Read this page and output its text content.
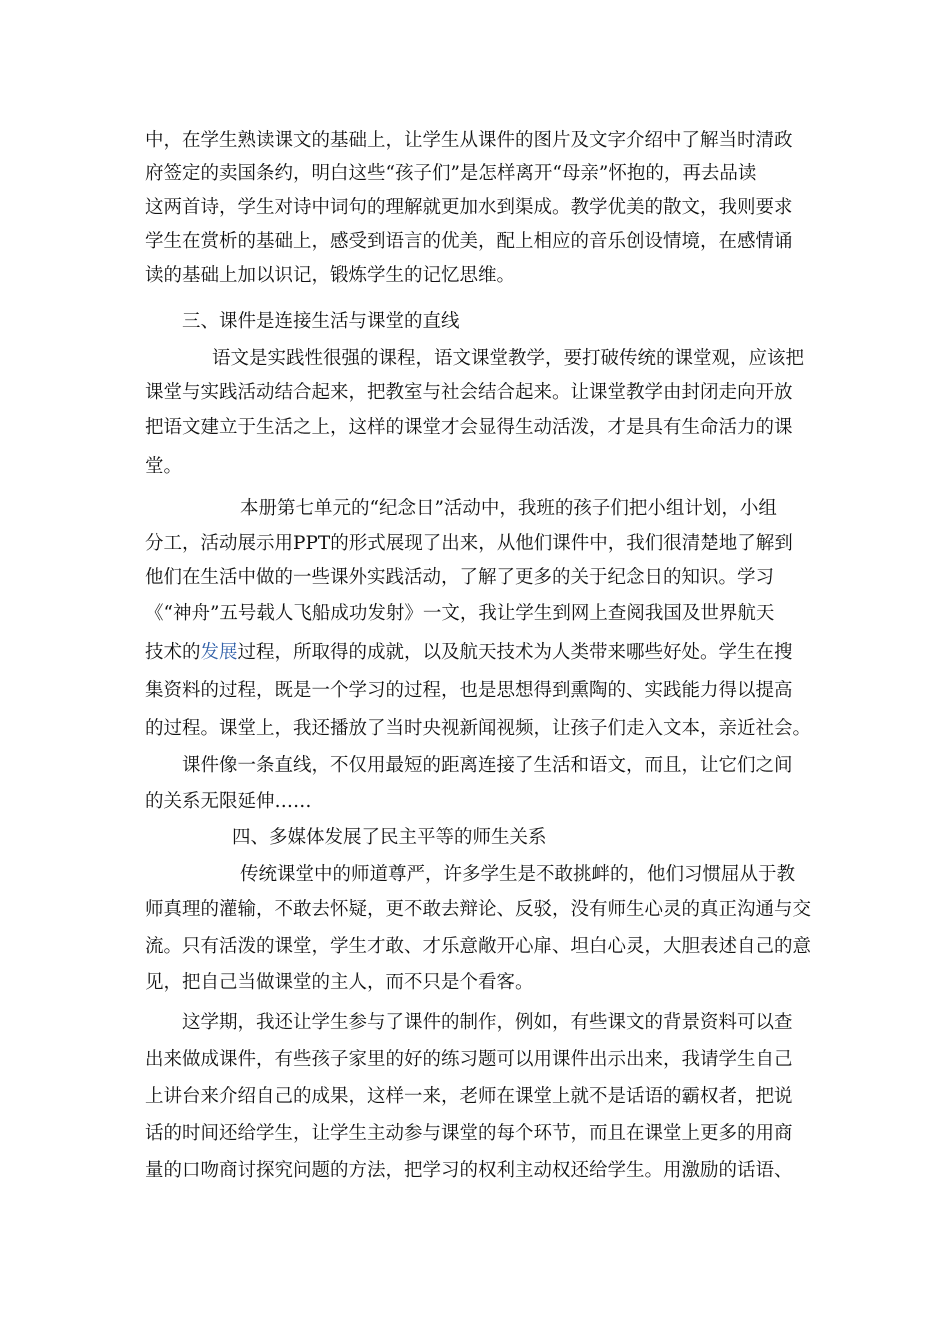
中，在学生熟读课文的基础上，让学生从课件的图片及文字介绍中了解当时清政
府签定的卖国条约，明白这些“孩子们”是怎样离开“母亲”怀抱的，再去品读
这两首诗，学生对诗中词句的理解就更加水到渠成。教学优美的散文，我则要求
学生在赏析的基础上，感受到语言的优美，配上相应的音乐创设情境，在感情诵
读的基础上加以识记，锻炼学生的记忆思维。
三、课件是连接生活与课堂的直线
语文是实践性很强的课程，语文课堂教学，要打破传统的课堂观，应该把
课堂与实践活动结合起来，把教室与社会结合起来。让课堂教学由封闭走向开放
把语文建立于生活之上，这样的课堂才会显得生动活泼，才是具有生命活力的课
堂。
本册第七单元的“纪念日”活动中，我班的孩子们把小组计划，小组
分工，活动展示用PPT的形式展现了出来，从他们课件中，我们很清楚地了解到
他们在生活中做的一些课外实践活动，了解了更多的关于纪念日的知识。学习
《“神舟”五号载人飞船成功发射》一文，我让学生到网上查阅我国及世界航天
技术的发展过程，所取得的成就，以及航天技术为人类带来哪些好处。学生在搜
集资料的过程，既是一个学习的过程，也是思想得到熏陶的、实践能力得以提高
的过程。课堂上，我还播放了当时央视新闻视频，让孩子们走入文本，亲近社会。
课件像一条直线，不仅用最短的距离连接了生活和语文，而且，让它们之间
的关系无限延伸……
四、多媒体发展了民主平等的师生关系
传统课堂中的师道尊严，许多学生是不敢挑衅的，他们习惯屈从于教
师真理的灌输，不敢去怀疑，更不敢去辩论、反驳，没有师生心灵的真正沟通与交
流。只有活泼的课堂，学生才敢、才乐意敞开心扉、坦白心灵，大胆表述自己的意
见，把自己当做课堂的主人，而不只是个看客。
这学期，我还让学生参与了课件的制作，例如，有些课文的背景资料可以查
出来做成课件，有些孩子家里的好的练习题可以用课件出示出来，我请学生自己
上讲台来介绍自己的成果，这样一来，老师在课堂上就不是话语的霸权者，把说
话的时间还给学生，让学生主动参与课堂的每个环节，而且在课堂上更多的用商
量的口吻商讨探究问题的方法，把学习的权利主动权还给学生。用激励的话语、
